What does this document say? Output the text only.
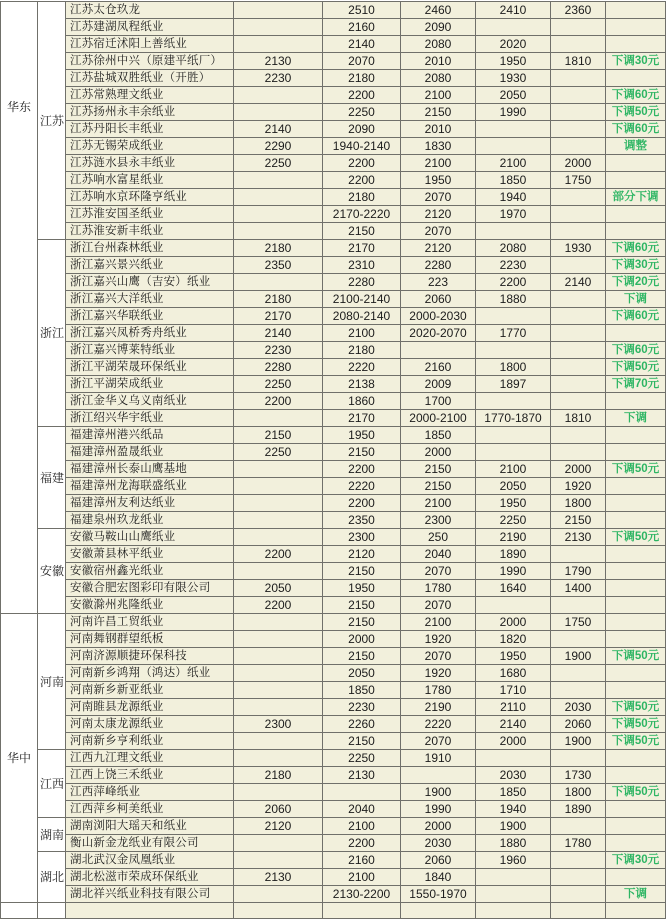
华东	江苏	江苏太仓玖龙		2510	2460	2410	2360	
		江苏建湖凤程纸业		2160	2090			
		江苏宿迁沭阳上善纸业		2140	2080	2020		
		江苏徐州中兴（原建平纸厂）	2130	2070	2010	1950	1810	下调30元
		江苏盐城双胜纸业（开胜）	2230	2180	2080	1930		
		江苏常熟理文纸业		2200	2100	2050		下调60元
		江苏扬州永丰余纸业		2250	2150	1990		下调50元
		江苏丹阳长丰纸业	2140	2090	2010			下调60元
		江苏无锡荣成纸业	2290	1940-2140	1830			调整
		江苏涟水县永丰纸业	2250	2200	2100	2100	2000	
		江苏响水富星纸业		2200	1950	1850	1750	
		江苏响水京环隆亨纸业		2180	2070	1940		部分下调
		江苏淮安国圣纸业		2170-2220	2120	1970		
		江苏淮安新丰纸业		2150	2070			
	浙江	浙江台州森林纸业	2180	2170	2120	2080	1930	下调60元
		浙江嘉兴景兴纸业	2350	2310	2280	2230		下调30元
		浙江嘉兴山鹰（吉安）纸业		2280	223	2200	2140	下调20元
		浙江嘉兴大洋纸业	2180	2100-2140	2060	1880		下调
		浙江嘉兴华联纸业	2170	2080-2140	2000-2030			下调60元
		浙江嘉兴凤桥秀舟纸业	2140	2100	2020-2070	1770		
		浙江嘉兴博莱特纸业	2230	2180				下调60元
		浙江平湖荣晟环保纸业	2280	2220	2160	1800		下调50元
		浙江平湖荣成纸业	2250	2138	2009	1897		下调70元
		浙江金华义乌义南纸业	2200	1860	1700			
		浙江绍兴华宇纸业		2170	2000-2100	1770-1870	1810	下调
	福建	福建漳州港兴纸品	2150	1950	1850			
		福建漳州盈晟纸业	2250	2150	2000			
		福建漳州长泰山鹰基地		2200	2150	2100	2000	下调50元
		福建漳州龙海联盛纸业		2220	2150	2050	1920	
		福建漳州友利达纸业		2200	2100	1950	1800	
		福建泉州玖龙纸业		2350	2300	2250	2150	
	安徽	安徽马鞍山山鹰纸业		2300	250	2190	2130	下调50元
		安徽萧县林平纸业	2200	2120	2040	1890		
		安徽宿州鑫光纸业		2150	2070	1990	1790	
		安徽合肥宏图彩印有限公司	2050	1950	1780	1640	1400	
		安徽滁州兆隆纸业	2200	2150	2070			

华中	河南	河南许昌工贸纸业		2150	2100	2000	1750	
		河南舞钢群望纸板		2000	1920	1820		
		河南济源顺捷环保科技		2150	2070	1950	1900	下调50元
		河南新乡鸿翔（鸿达）纸业		2050	1920	1680		
		河南新乡新亚纸业		1850	1780	1710		
		河南睢县龙源纸业		2230	2190	2110	2030	下调50元
		河南太康龙源纸业	2300	2260	2220	2140	2060	下调50元
		河南新乡亨利纸业		2150	2070	2000	1900	下调50元
	江西	江西九江理文纸业		2250	1910			
		江西上饶三禾纸业	2180	2130		2030	1730	
		江西萍峰纸业			1900	1850	1800	下调50元
		江西萍乡柯美纸业	2060	2040	1990	1940	1890	
	湖南	湖南浏阳大瑶天和纸业	2120	2100	2000	1900		
		衡山新金龙纸业有限公司		2200	2030	1880	1780	
	湖北	湖北武汉金凤凰纸业		2160	2060	1960		下调30元
		湖北松滋市荣成环保纸业	2130	2100	1840			
		湖北祥兴纸业科技有限公司		2130-2200	1550-1970			下调
